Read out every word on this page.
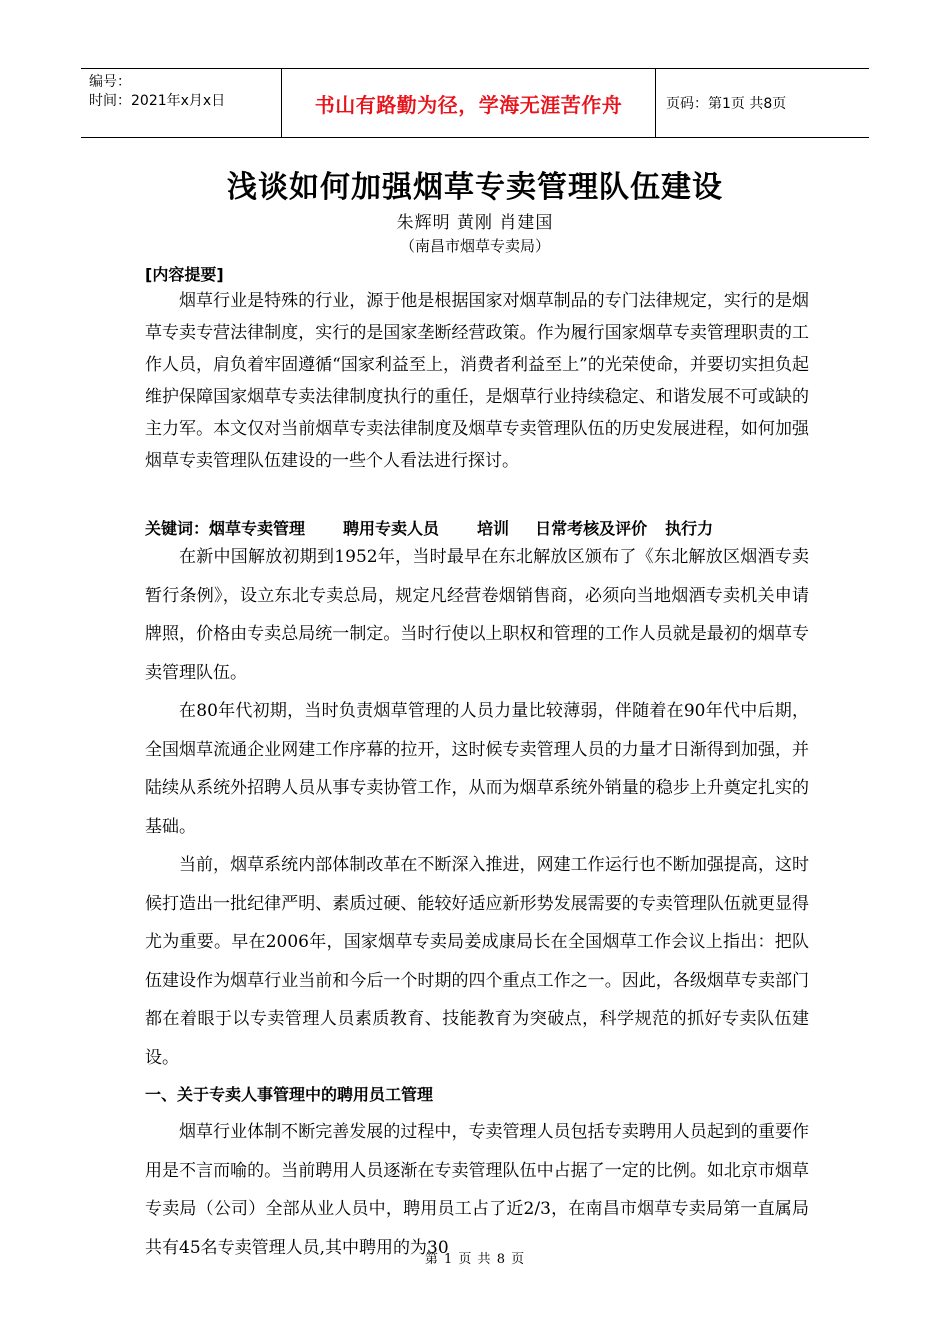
编号：
时间：2021年x月x日	书山有路勤为径，学海无涯苦作舟	页码：第1页 共8页
浅谈如何加强烟草专卖管理队伍建设
朱辉明 黄刚 肖建国
（南昌市烟草专卖局）
[内容提要]

烟草行业是特殊的行业，源于他是根据国家对烟草制品的专门法律规定，实行的是烟草专卖专营法律制度，实行的是国家垄断经营政策。作为履行国家烟草专卖管理职责的工作人员，肩负着牢固遵循“国家利益至上，消费者利益至上”的光荣使命，并要切实担负起维护保障国家烟草专卖法律制度执行的重任，是烟草行业持续稳定、和谐发展不可或缺的主力军。本文仅对当前烟草专卖法律制度及烟草专卖管理队伍的历史发展进程，如何加强烟草专卖管理队伍建设的一些个人看法进行探讨。

关键词： 烟草专卖管理 聘用专卖人员 培训 日常考核及评价 执行力

在新中国解放初期到1952年，当时最早在东北解放区颁布了《东北解放区烟酒专卖暂行条例》，设立东北专卖总局，规定凡经营卷烟销售商，必须向当地烟酒专卖机关申请牌照，价格由专卖总局统一制定。当时行使以上职权和管理的工作人员就是最初的烟草专卖管理队伍。

在80年代初期，当时负责烟草管理的人员力量比较薄弱，伴随着在90年代中后期，全国烟草流通企业网建工作序幕的拉开，这时候专卖管理人员的力量才日渐得到加强，并陆续从系统外招聘人员从事专卖协管工作，从而为烟草系统外销量的稳步上升奠定扎实的基础。

当前，烟草系统内部体制改革在不断深入推进，网建工作运行也不断加强提高，这时候打造出一批纪律严明、素质过硬、能较好适应新形势发展需要的专卖管理队伍就更显得尤为重要。早在2006年，国家烟草专卖局姜成康局长在全国烟草工作会议上指出：把队伍建设作为烟草行业当前和今后一个时期的四个重点工作之一。因此，各级烟草专卖部门都在着眼于以专卖管理人员素质教育、技能教育为突破点，科学规范的抓好专卖队伍建设。

一、关于专卖人事管理中的聘用员工管理

烟草行业体制不断完善发展的过程中，专卖管理人员包括专卖聘用人员起到的重要作用是不言而喻的。当前聘用人员逐渐在专卖管理队伍中占据了一定的比例。如北京市烟草专卖局（公司）全部从业人员中，聘用员工占了近2/3，在南昌市烟草专卖局第一直属局共有45名专卖管理人员,其中聘用的为30

第 1 页 共 8 页
